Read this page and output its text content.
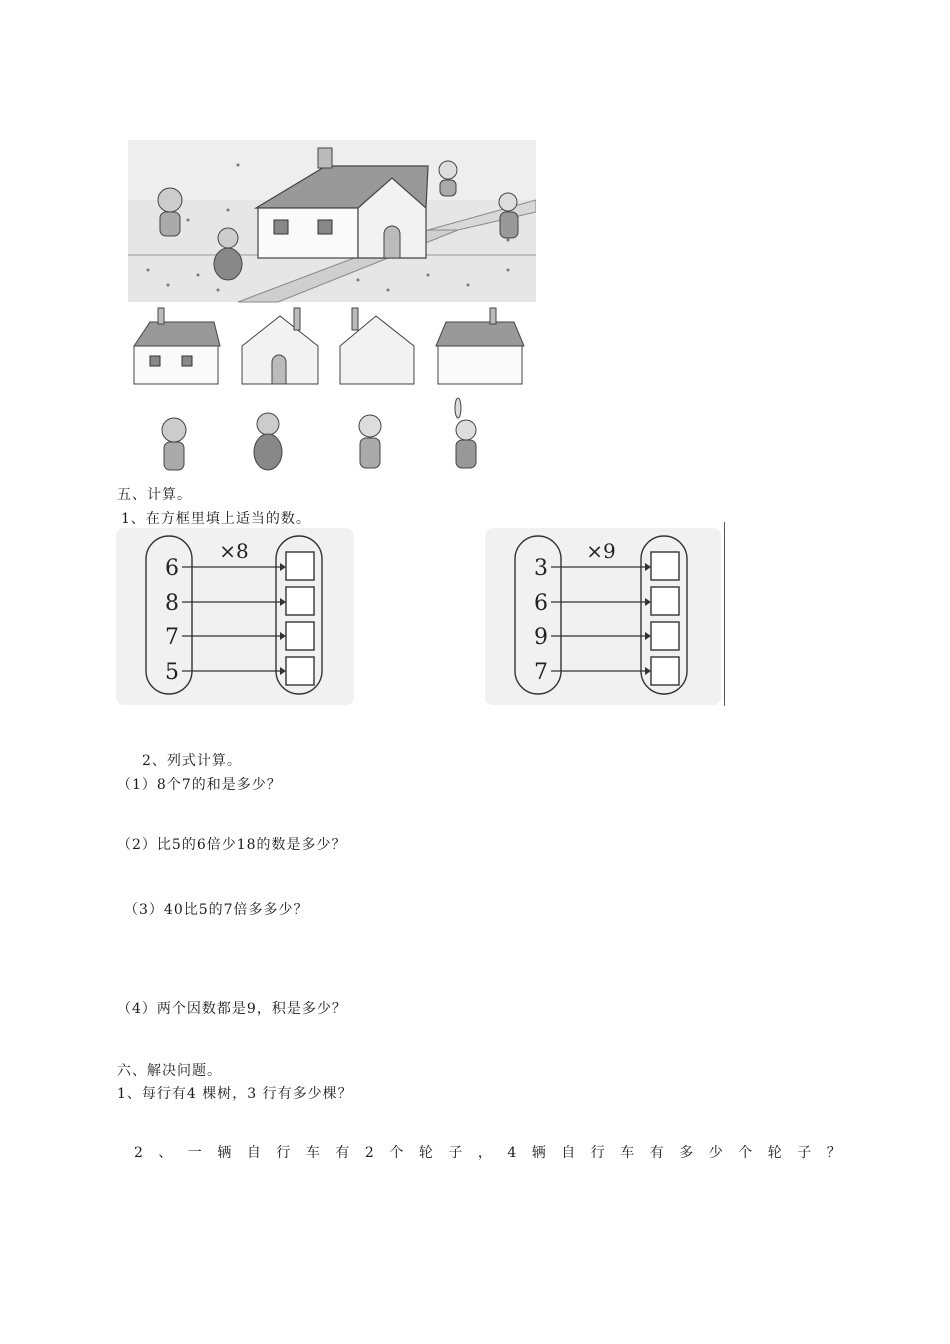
五、计算。
1、在方框里填上适当的数。
×8
6
8
7
5
×9
3
6
9
7
2、列式计算。
（1）8个7的和是多少？
（2）比5的6倍少18的数是多少？
（3）40比5的7倍多多少？
（4）两个因数都是9，积是多少？
六、解决问题。
1、每行有4 棵树，3 行有多少棵？
2、一辆自行车有2个轮子，4辆自行车有多少个轮子？
